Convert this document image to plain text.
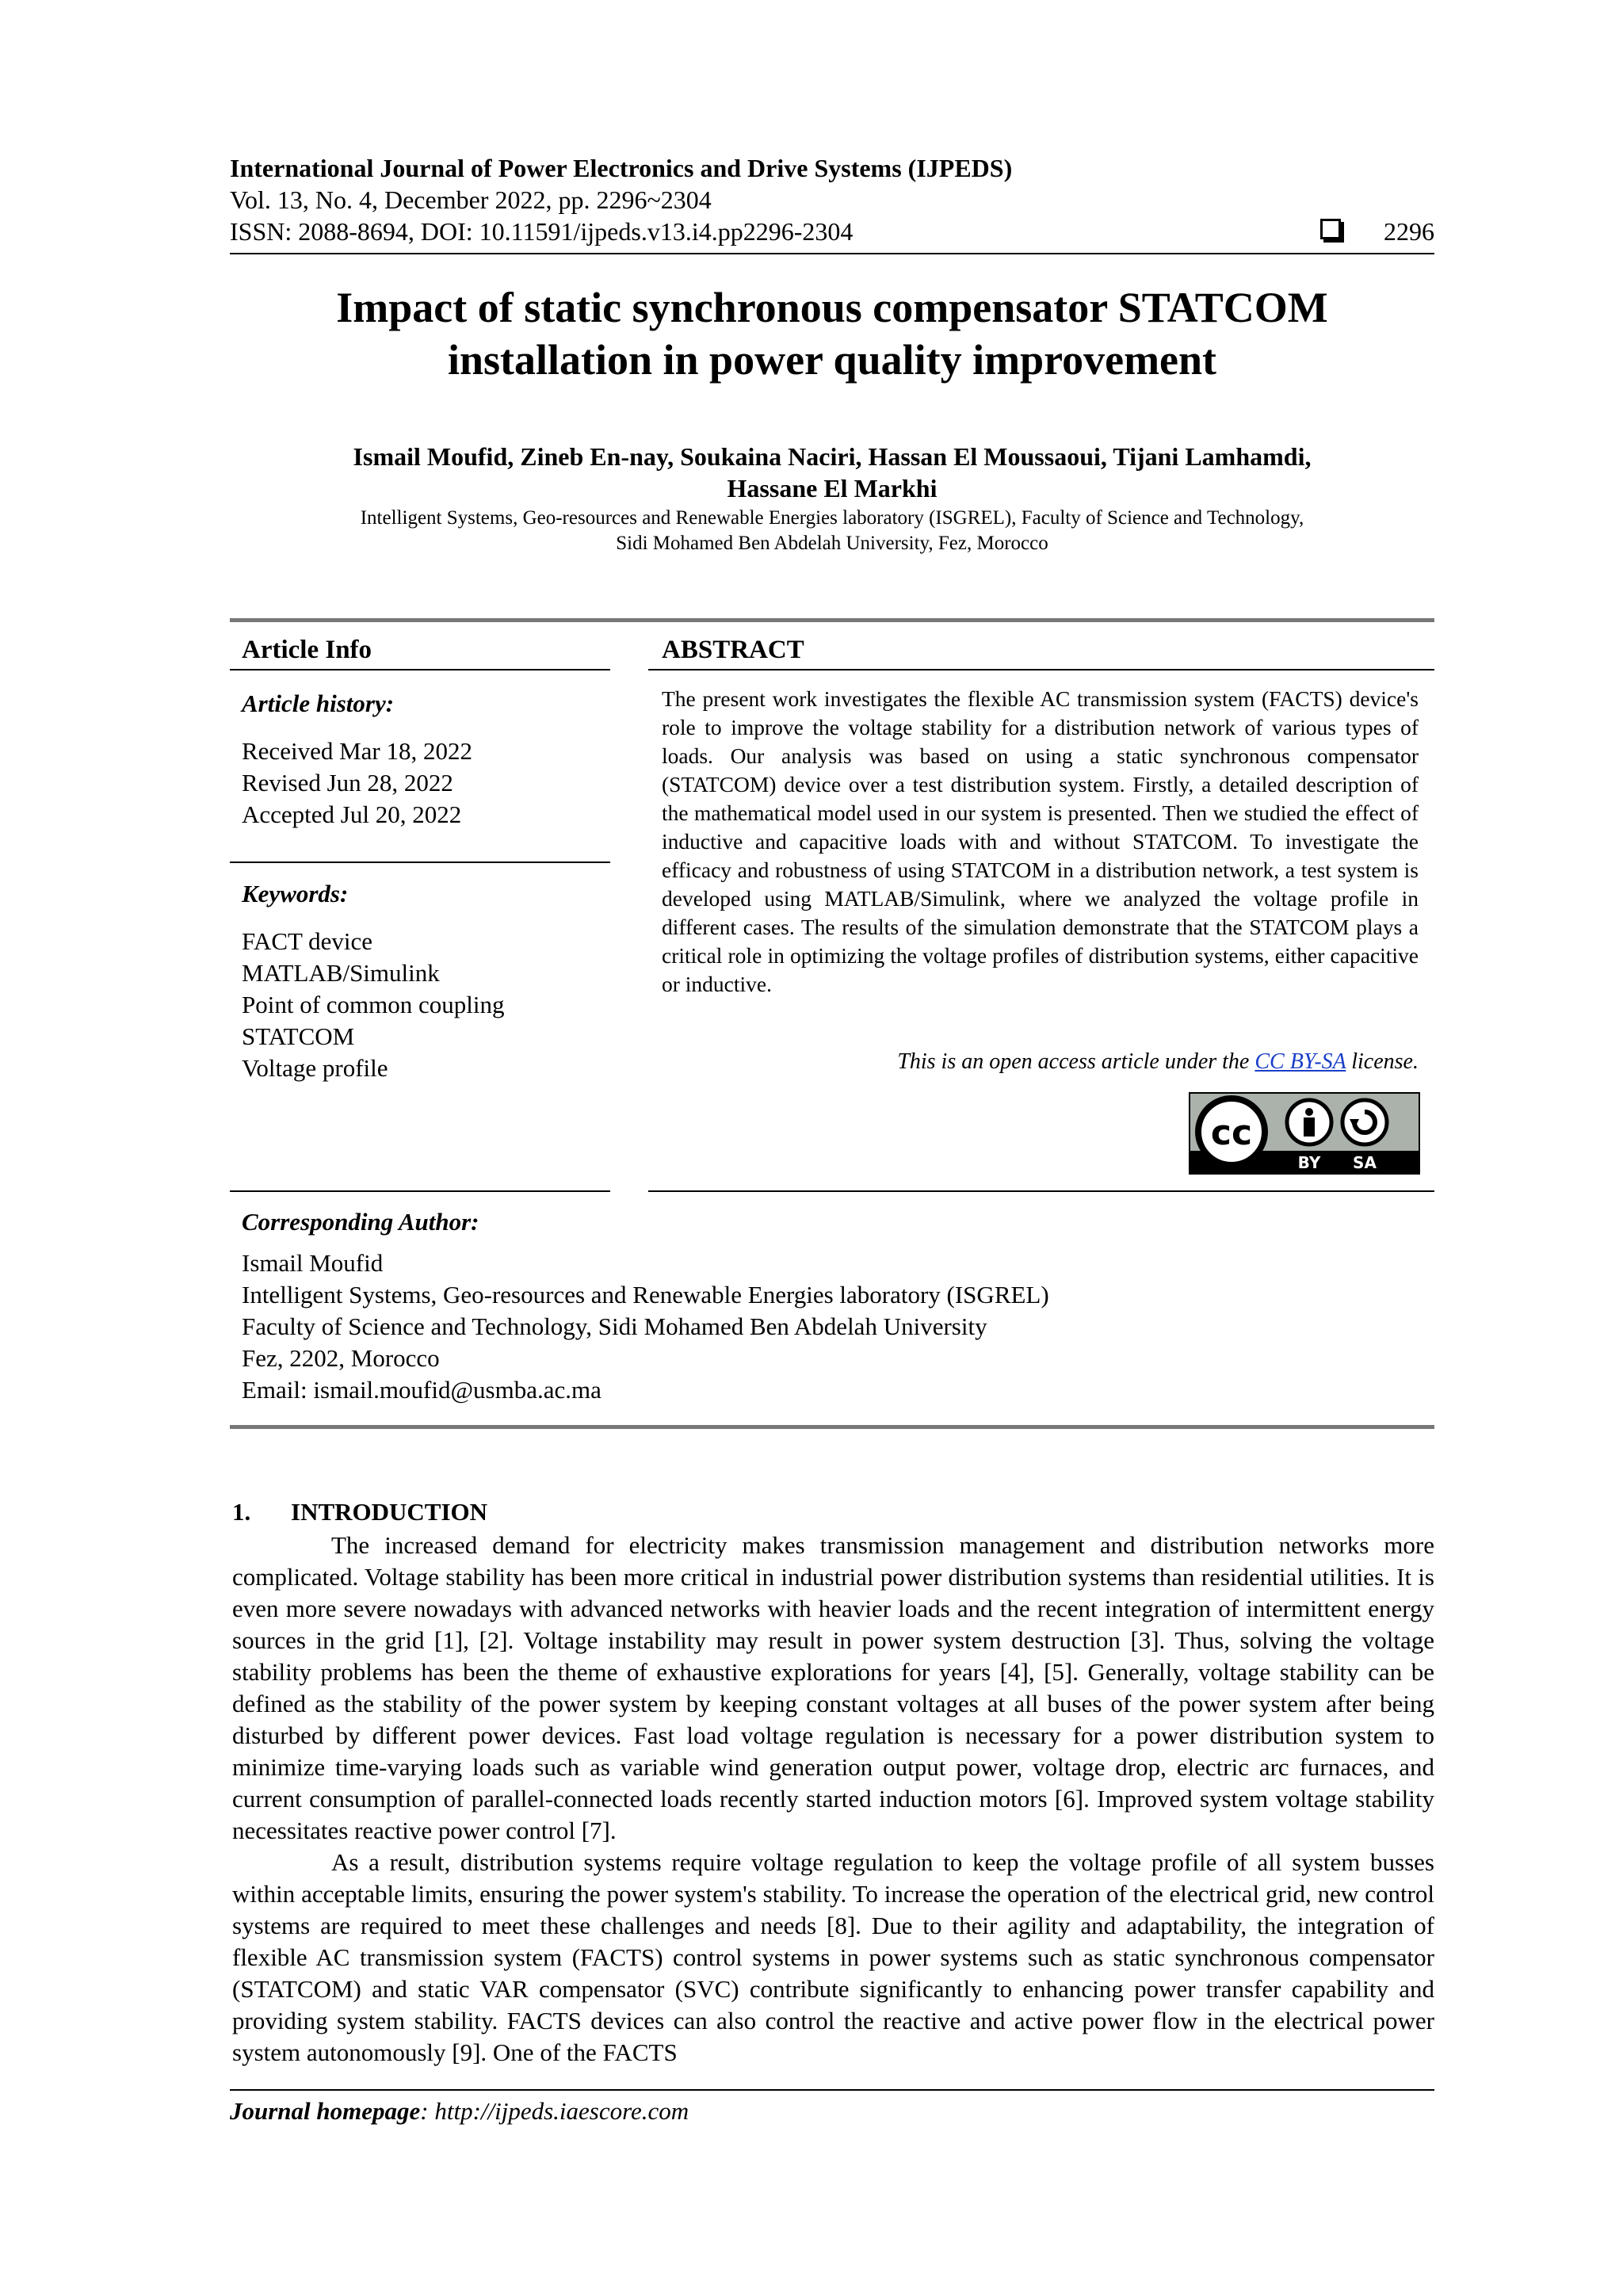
International Journal of Power Electronics and Drive Systems (IJPEDS)
Vol. 13, No. 4, December 2022, pp. 2296~2304
ISSN: 2088-8694, DOI: 10.11591/ijpeds.v13.i4.pp2296-2304	2296
Impact of static synchronous compensator STATCOM
installation in power quality improvement
Ismail Moufid, Zineb En-nay, Soukaina Naciri, Hassan El Moussaoui, Tijani Lamhamdi,
Hassane El Markhi
Intelligent Systems, Geo-resources and Renewable Energies laboratory (ISGREL), Faculty of Science and Technology,
Sidi Mohamed Ben Abdelah University, Fez, Morocco
Article Info
Article history:
Received Mar 18, 2022
Revised Jun 28, 2022
Accepted Jul 20, 2022
Keywords:
FACT device
MATLAB/Simulink
Point of common coupling
STATCOM
Voltage profile
ABSTRACT
The present work investigates the flexible AC transmission system (FACTS) device's role to improve the voltage stability for a distribution network of various types of loads. Our analysis was based on using a static synchronous compensator (STATCOM) device over a test distribution system. Firstly, a detailed description of the mathematical model used in our system is presented. Then we studied the effect of inductive and capacitive loads with and without STATCOM. To investigate the efficacy and robustness of using STATCOM in a distribution network, a test system is developed using MATLAB/Simulink, where we analyzed the voltage profile in different cases. The results of the simulation demonstrate that the STATCOM plays a critical role in optimizing the voltage profiles of distribution systems, either capacitive or inductive.
This is an open access article under the CC BY-SA license.
cc
BY SA
Corresponding Author:
Ismail Moufid
Intelligent Systems, Geo-resources and Renewable Energies laboratory (ISGREL)
Faculty of Science and Technology, Sidi Mohamed Ben Abdelah University
Fez, 2202, Morocco
Email: ismail.moufid@usmba.ac.ma
1. INTRODUCTION

The increased demand for electricity makes transmission management and distribution networks more complicated. Voltage stability has been more critical in industrial power distribution systems than residential utilities. It is even more severe nowadays with advanced networks with heavier loads and the recent integration of intermittent energy sources in the grid [1], [2]. Voltage instability may result in power system destruction [3]. Thus, solving the voltage stability problems has been the theme of exhaustive explorations for years [4], [5]. Generally, voltage stability can be defined as the stability of the power system by keeping constant voltages at all buses of the power system after being disturbed by different power devices. Fast load voltage regulation is necessary for a power distribution system to minimize time-varying loads such as variable wind generation output power, voltage drop, electric arc furnaces, and current consumption of parallel-connected loads recently started induction motors [6]. Improved system voltage stability necessitates reactive power control [7].

As a result, distribution systems require voltage regulation to keep the voltage profile of all system busses within acceptable limits, ensuring the power system's stability. To increase the operation of the electrical grid, new control systems are required to meet these challenges and needs [8]. Due to their agility and adaptability, the integration of flexible AC transmission system (FACTS) control systems in power systems such as static synchronous compensator (STATCOM) and static VAR compensator (SVC) contribute significantly to enhancing power transfer capability and providing system stability. FACTS devices can also control the reactive and active power flow in the electrical power system autonomously [9]. One of the FACTS

Journal homepage: http://ijpeds.iaescore.com
